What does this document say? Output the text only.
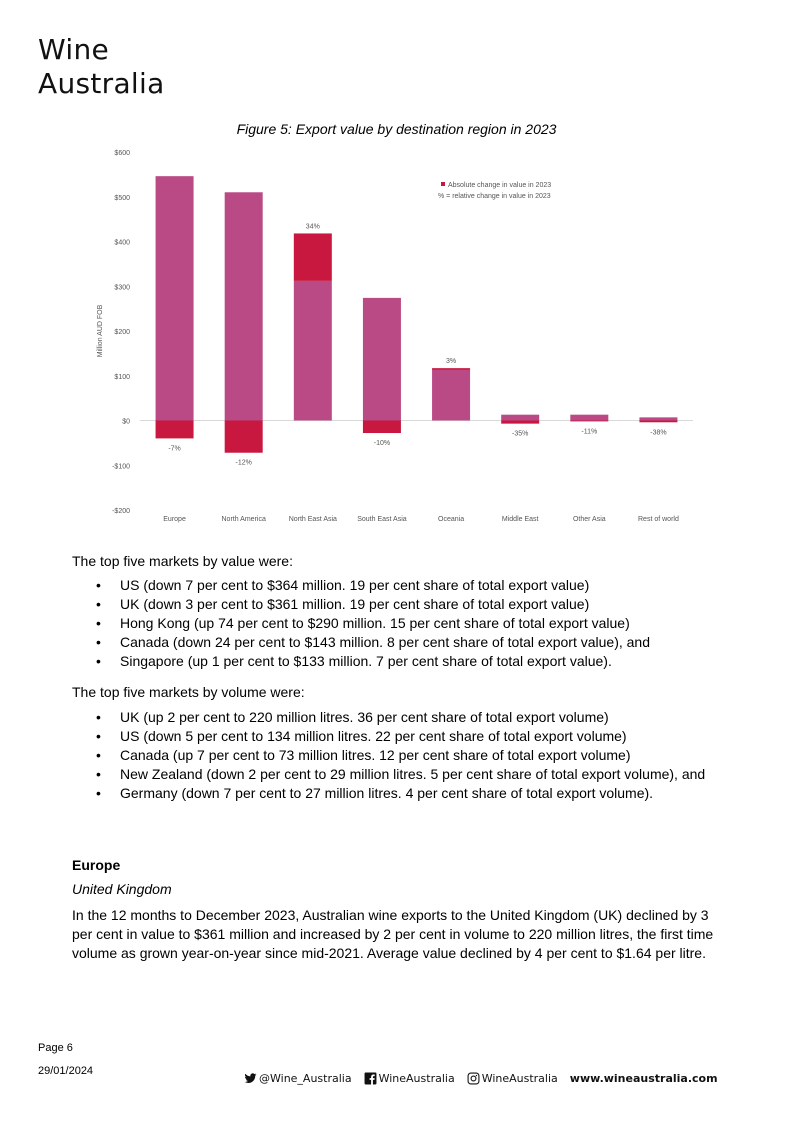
Wine
Australia
Figure 5: Export value by destination region in 2023
Million AUD FOB
-$200
-$100
$0
$100
$200
$300
$400
$500
$600
-7%
Europe
-12%
North America
34%
North East Asia
-10%
South East Asia
3%
Oceania
-35%
Middle East
-11%
Other Asia
-38%
Rest of world
Absolute change in value in 2023
% = relative change in value in 2023
The top five markets by value were:
• US (down 7 per cent to $364 million. 19 per cent share of total export value)
• UK (down 3 per cent to $361 million. 19 per cent share of total export value)
• Hong Kong (up 74 per cent to $290 million. 15 per cent share of total export value)
• Canada (down 24 per cent to $143 million. 8 per cent share of total export value), and
• Singapore (up 1 per cent to $133 million. 7 per cent share of total export value).
The top five markets by volume were:
• UK (up 2 per cent to 220 million litres. 36 per cent share of total export volume)
• US (down 5 per cent to 134 million litres. 22 per cent share of total export volume)
• Canada (up 7 per cent to 73 million litres. 12 per cent share of total export volume)
• New Zealand (down 2 per cent to 29 million litres. 5 per cent share of total export volume), and
• Germany (down 7 per cent to 27 million litres. 4 per cent share of total export volume).
Europe
United Kingdom
In the 12 months to December 2023, Australian wine exports to the United Kingdom (UK) declined by 3 per cent in value to $361 million and increased by 2 per cent in volume to 220 million litres, the first time volume as grown year-on-year since mid-2021. Average value declined by 4 per cent to $1.64 per litre.
Page 6
29/01/2024
@Wine_Australia WineAustralia WineAustralia www.wineaustralia.com
